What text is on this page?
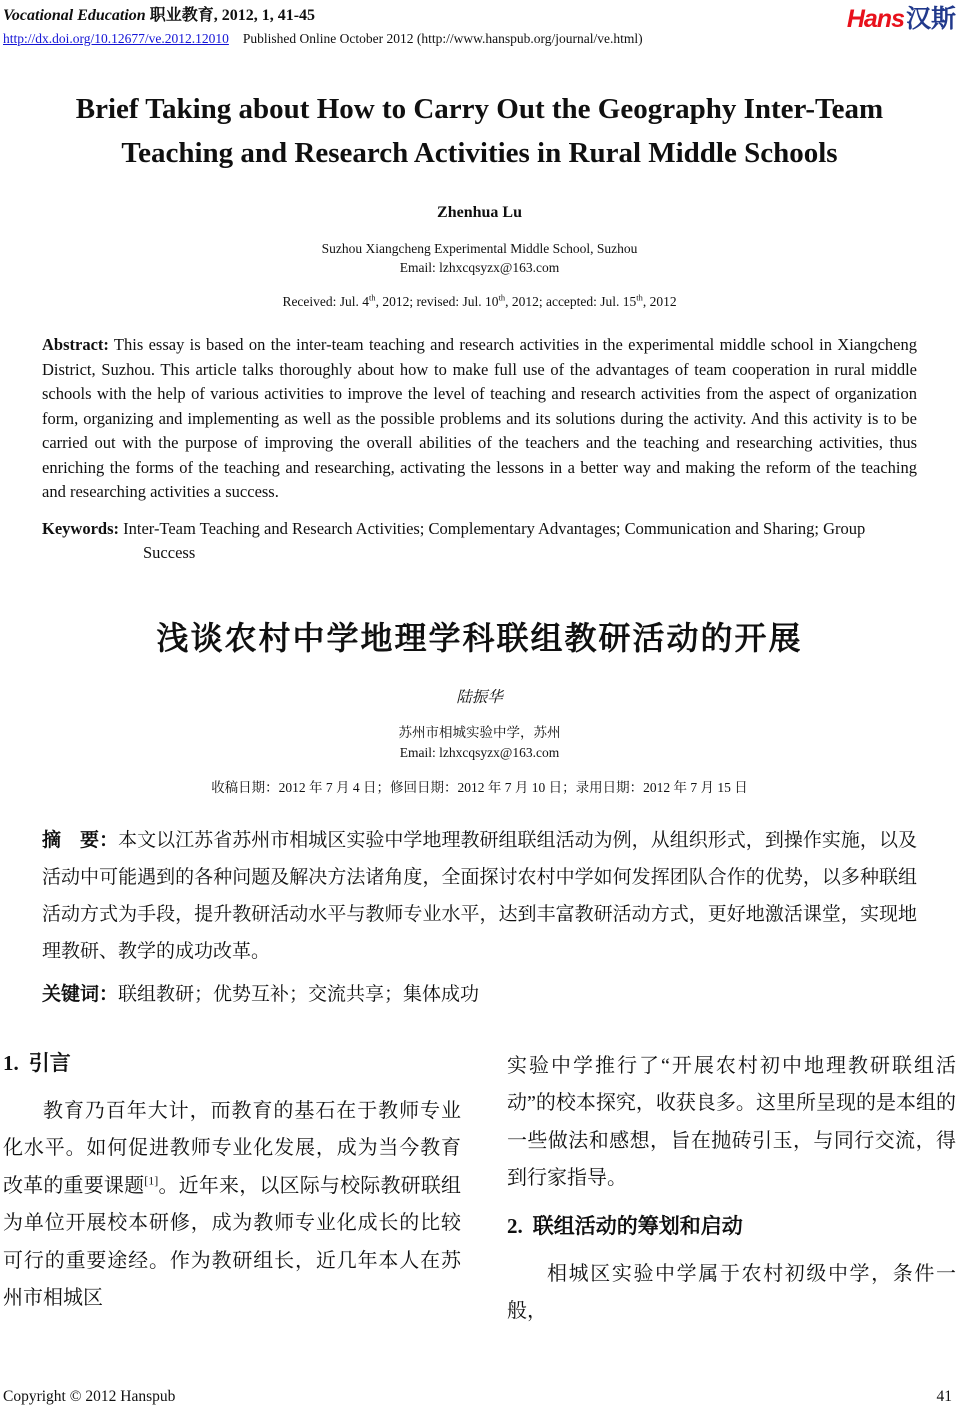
Vocational Education 职业教育, 2012, 1, 41-45
http://dx.doi.org/10.12677/ve.2012.12010 Published Online October 2012 (http://www.hanspub.org/journal/ve.html)
Hans汉斯
Brief Taking about How to Carry Out the Geography Inter-Team Teaching and Research Activities in Rural Middle Schools
Zhenhua Lu
Suzhou Xiangcheng Experimental Middle School, Suzhou
Email: lzhxcqsyzx@163.com
Received: Jul. 4th, 2012; revised: Jul. 10th, 2012; accepted: Jul. 15th, 2012
Abstract: This essay is based on the inter-team teaching and research activities in the experimental middle school in Xiangcheng District, Suzhou. This article talks thoroughly about how to make full use of the advantages of team cooperation in rural middle schools with the help of various activities to improve the level of teaching and research activities from the aspect of organization form, organizing and implementing as well as the possible problems and its solutions during the activity. And this activity is to be carried out with the purpose of improving the overall abilities of the teachers and the teaching and researching activities, thus enriching the forms of the teaching and researching, activating the lessons in a better way and making the reform of the teaching and researching activities a success.
Keywords: Inter-Team Teaching and Research Activities; Complementary Advantages; Communication and Sharing; Group Success
浅谈农村中学地理学科联组教研活动的开展
陆振华
苏州市相城实验中学，苏州
Email: lzhxcqsyzx@163.com
收稿日期：2012 年 7 月 4 日；修回日期：2012 年 7 月 10 日；录用日期：2012 年 7 月 15 日
摘　要：本文以江苏省苏州市相城区实验中学地理教研组联组活动为例，从组织形式，到操作实施，以及活动中可能遇到的各种问题及解决方法诸角度，全面探讨农村中学如何发挥团队合作的优势，以多种联组活动方式为手段，提升教研活动水平与教师专业水平，达到丰富教研活动方式，更好地激活课堂，实现地理教研、教学的成功改革。
关键词：联组教研；优势互补；交流共享；集体成功
1. 引言

教育乃百年大计，而教育的基石在于教师专业化水平。如何促进教师专业化发展，成为当今教育改革的重要课题[1]。近年来，以区际与校际教研联组为单位开展校本研修，成为教师专业化成长的比较可行的重要途经。作为教研组长，近几年本人在苏州市相城区

实验中学推行了“开展农村初中地理教研联组活动”的校本探究，收获良多。这里所呈现的是本组的一些做法和感想，旨在抛砖引玉，与同行交流，得到行家指导。

2. 联组活动的筹划和启动

相城区实验中学属于农村初级中学，条件一般，

Copyright © 2012 Hanspub	41
